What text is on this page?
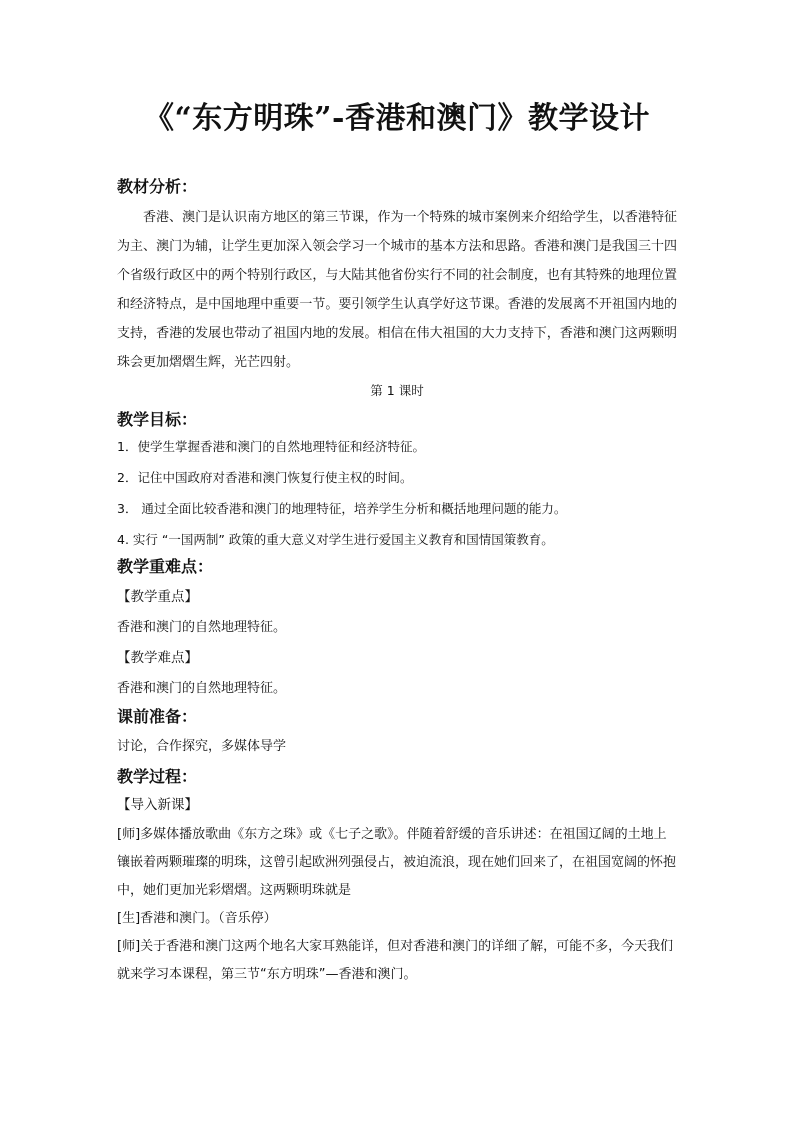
《“东方明珠”-香港和澳门》教学设计

教材分析：

香港、澳门是认识南方地区的第三节课，作为一个特殊的城市案例来介绍给学生，以香港特征为主、澳门为辅，让学生更加深入领会学习一个城市的基本方法和思路。香港和澳门是我国三十四个省级行政区中的两个特别行政区，与大陆其他省份实行不同的社会制度，也有其特殊的地理位置和经济特点，是中国地理中重要一节。要引领学生认真学好这节课。香港的发展离不开祖国内地的支持，香港的发展也带动了祖国内地的发展。相信在伟大祖国的大力支持下，香港和澳门这两颗明珠会更加熠熠生辉，光芒四射。

第 1 课时

教学目标：

1．使学生掌握香港和澳门的自然地理特征和经济特征。
2．记住中国政府对香港和澳门恢复行使主权的时间。
3． 通过全面比较香港和澳门的地理特征，培养学生分析和概括地理问题的能力。
4. 实行 “一国两制” 政策的重大意义对学生进行爱国主义教育和国情国策教育。

教学重难点：

【教学重点】

香港和澳门的自然地理特征。

【教学难点】

香港和澳门的自然地理特征。

课前准备：

讨论，合作探究，多媒体导学

教学过程：

【导入新课】

[师]多媒体播放歌曲《东方之珠》或《七子之歌》。伴随着舒缓的音乐讲述：在祖国辽阔的土地上镶嵌着两颗璀璨的明珠，这曾引起欧洲列强侵占，被迫流浪，现在她们回来了，在祖国宽阔的怀抱中，她们更加光彩熠熠。这两颗明珠就是

[生]香港和澳门。（音乐停）

[师]关于香港和澳门这两个地名大家耳熟能详，但对香港和澳门的详细了解，可能不多，今天我们就来学习本课程，第三节“东方明珠”—香港和澳门。
